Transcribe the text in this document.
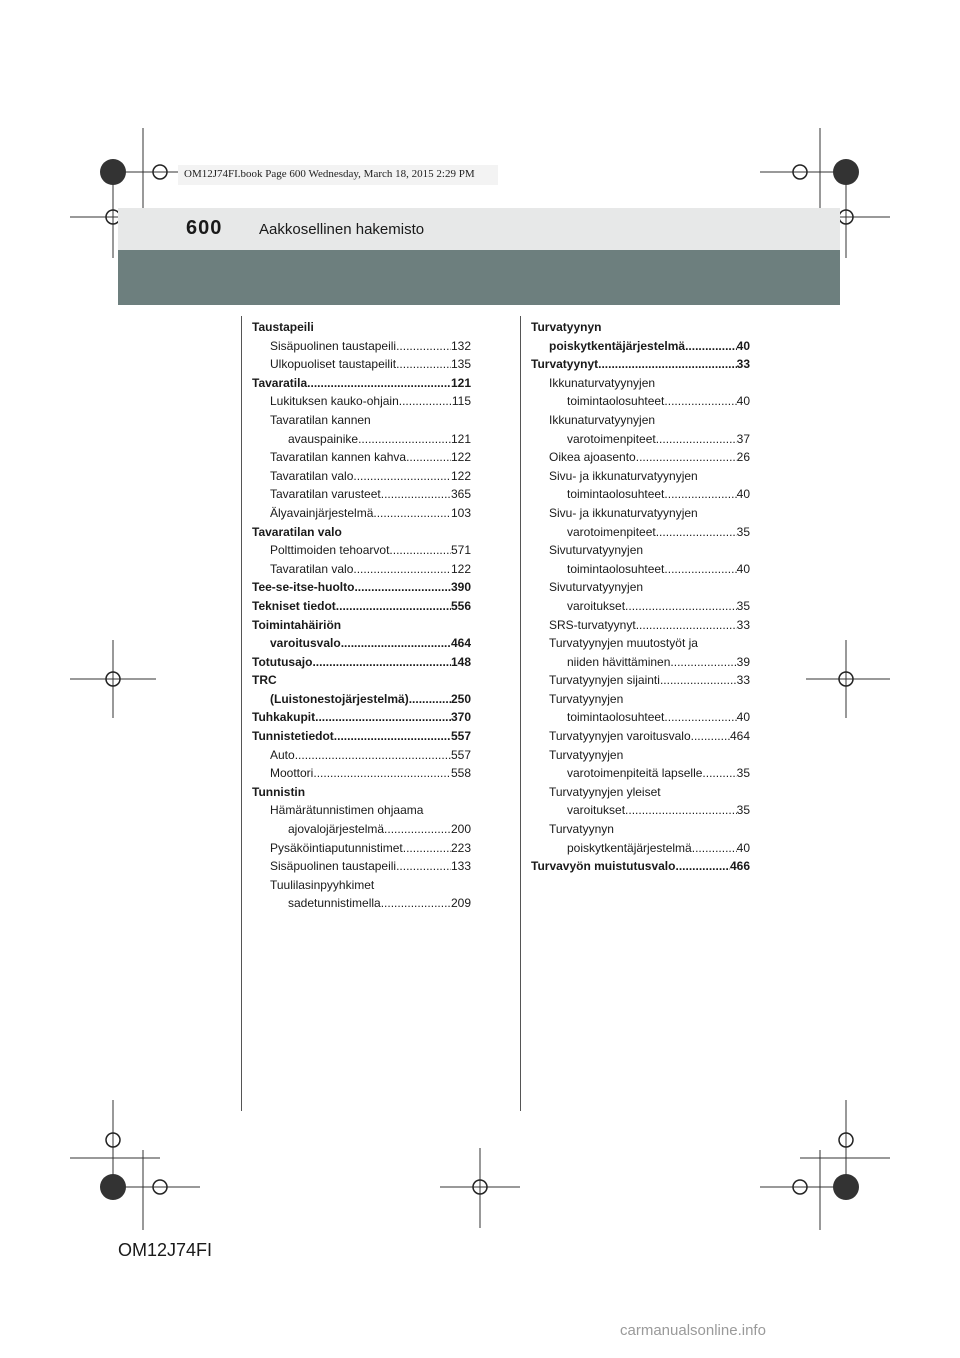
OM12J74FI.book Page 600 Wednesday, March 18, 2015 2:29 PM
600 Aakkosellinen hakemisto
Taustapeili
Sisäpuolinen taustapeili .....	132
Ulkopuoliset taustapeilit .....	135
Tavaratila .....	121
Lukituksen kauko-ohjain .....	115
Tavaratilan kannen
avauspainike .....	121
Tavaratilan kannen kahva .....	122
Tavaratilan valo .....	122
Tavaratilan varusteet .....	365
Älyavainjärjestelmä .....	103
Tavaratilan valo
Polttimoiden tehoarvot .....	571
Tavaratilan valo .....	122
Tee-se-itse-huolto .....	390
Tekniset tiedot .....	556
Toimintahäiriön
varoitusvalo .....	464
Totutusajo .....	148
TRC
(Luistonestojärjestelmä) .....	250
Tuhkakupit .....	370
Tunnistetiedot .....	557
Auto .....	557
Moottori .....	558
Tunnistin
Hämärätunnistimen ohjaama
ajovalojärjestelmä .....	200
Pysäköintiaputunnistimet .....	223
Sisäpuolinen taustapeili .....	133
Tuulilasinpyyhkimet
sadetunnistimella .....	209
Turvatyynyn
poiskytkentäjärjestelmä .....	40
Turvatyynyt .....	33
Ikkunaturvatyynyjen
toimintaolosuhteet .....	40
Ikkunaturvatyynyjen
varotoimenpiteet .....	37
Oikea ajoasento .....	26
Sivu- ja ikkunaturvatyynyjen
toimintaolosuhteet .....	40
Sivu- ja ikkunaturvatyynyjen
varotoimenpiteet .....	35
Sivuturvatyynyjen
toimintaolosuhteet .....	40
Sivuturvatyynyjen
varoitukset .....	35
SRS-turvatyynyt .....	33
Turvatyynyjen muutostyöt ja
niiden hävittäminen .....	39
Turvatyynyjen sijainti .....	33
Turvatyynyjen
toimintaolosuhteet .....	40
Turvatyynyjen varoitusvalo .....	464
Turvatyynyjen
varotoimenpiteitä lapselle .....	35
Turvatyynyjen yleiset
varoitukset .....	35
Turvatyynyn
poiskytkentäjärjestelmä .....	40
Turvavyön muistutusvalo .....	466
OM12J74FI
carmanualsonline.info
